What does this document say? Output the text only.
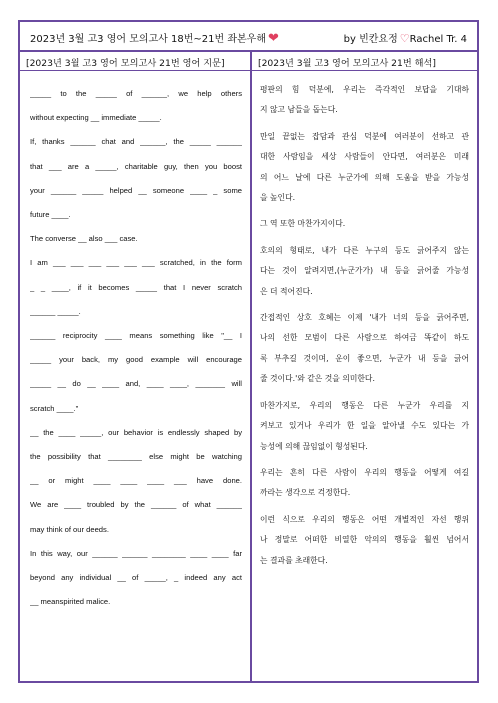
2023년 3월 고3 영어 모의고사 18번~21번 좌본우해 ❤	by 빈칸요정 ♡Rachel Tr. 4
[2023년 3월 고3 영어 모의고사 21번 영어 지문]
_____ to the _____ of ______, we help others
without expecting __ immediate _____.
If, thanks ______ chat and ______, the _____ ______
that ___ are a _____, charitable guy, then you boost
your ______ _____ helped __ someone ____ _ some
future ____.
The converse __ also ___ case.
I am ___ ___ ___ ___ ___ ___ scratched, in the form
_ _ ____, if it becomes _____ that I never scratch
______ _____.
______ reciprocity ____ means something like "__ I
_____ your back, my good example will encourage
_____ __ do __ ____ and, ____ ____, _______ will
scratch ____."
__ the ____ _____, our behavior is endlessly shaped by
the possibility that ________ else might be watching
__ or might ____ ____ ____ ___ have done.
We are ____ troubled by the ______ of what ______
may think of our deeds.
In this way, our ______ ______ ________ ____ ____ far
beyond any individual __ of _____, _ indeed any act
__ meanspirited malice.
[2023년 3월 고3 영어 모의고사 21번 해석]
평판의 힘 덕분에, 우리는 즉각적인 보답을 기대하
지 않고 남들을 돕는다.
만일 끝없는 잡담과 관심 덕분에 여러분이 선하고 관
대한 사람임을 세상 사람들이 안다면, 여러분은 미래
의 어느 날에 다른 누군가에 의해 도움을 받을 가능성
을 높인다.
그 역 또한 마찬가지이다.
호의의 형태로, 내가 다른 누구의 등도 긁어주지 않는
다는 것이 알려지면,(누군가가) 내 등을 긁어줄 가능성
은 더 적어진다.
간접적인 상호 호혜는 이제 '내가 너의 등을 긁어주면,
나의 선한 모범이 다른 사람으로 하여금 똑같이 하도
록 부추길 것이며, 운이 좋으면, 누군가 내 등을 긁어
줄 것이다.'와 같은 것을 의미한다.
마찬가지로, 우리의 행동은 다른 누군가 우리를 지
켜보고 있거나 우리가 한 일을 알아낼 수도 있다는 가
능성에 의해 끊임없이 형성된다.
우리는 흔히 다른 사람이 우리의 행동을 어떻게 여길
까라는 생각으로 걱정한다.
이런 식으로 우리의 행동은 어떤 개별적인 자선 행위
나 정말로 어떠한 비열한 악의의 행동을 훨씬 넘어서
는 결과를 초래한다.
